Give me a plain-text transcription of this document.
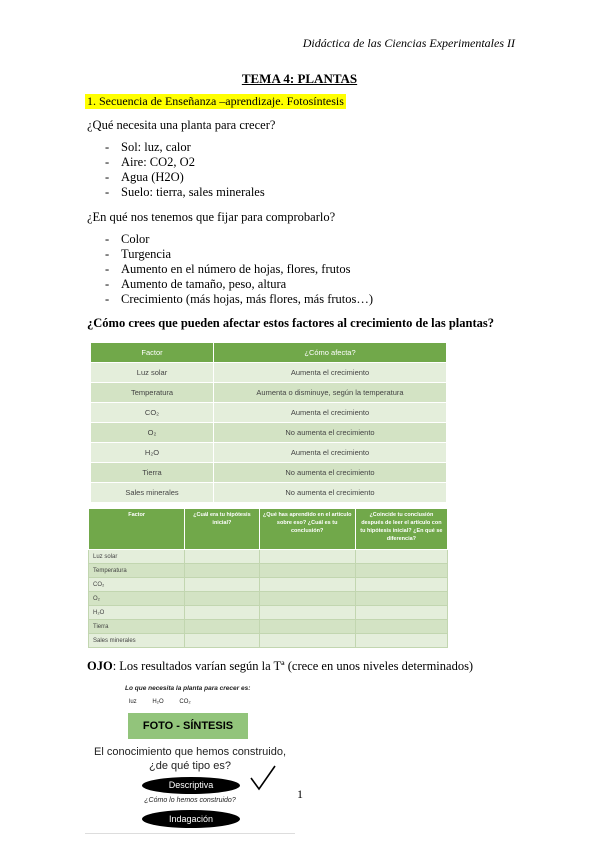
Didáctica de las Ciencias Experimentales II
TEMA 4: PLANTAS
1. Secuencia de Enseñanza –aprendizaje. Fotosíntesis
¿Qué necesita una planta para crecer?
- Sol: luz, calor
- Aire: CO2, O2
- Agua (H2O)
- Suelo: tierra, sales minerales
¿En qué nos tenemos que fijar para comprobarlo?
- Color
- Turgencia
- Aumento en el número de hojas, flores, frutos
- Aumento de tamaño, peso, altura
- Crecimiento (más hojas, más flores, más frutos…)
¿Cómo crees que pueden afectar estos factores al crecimiento de las plantas?
Factor	¿Cómo afecta?
Luz solar	Aumenta el crecimiento
Temperatura	Aumenta o disminuye, según la temperatura
CO₂	Aumenta el crecimiento
O₂	No aumenta el crecimiento
H₂O	Aumenta el crecimiento
Tierra	No aumenta el crecimiento
Sales minerales	No aumenta el crecimiento
Factor	¿Cuál era tu hipótesis inicial?	¿Qué has aprendido en el artículo sobre eso? ¿Cuál es tu conclusión?	¿Coincide tu conclusión después de leer el artículo con tu hipótesis inicial? ¿En qué se diferencia?
Luz solar			
Temperatura			
CO₂			
O₂			
H₂O			
Tierra			
Sales minerales			
OJO: Los resultados varían según la Tª (crece en unos niveles determinados)
Lo que necesita la planta para crecer es:
luz	H₂O	CO₂
FOTO - SÍNTESIS
El conocimiento que hemos construido,
¿de qué tipo es?
Descriptiva
¿Cómo lo hemos construido?
Indagación
1
